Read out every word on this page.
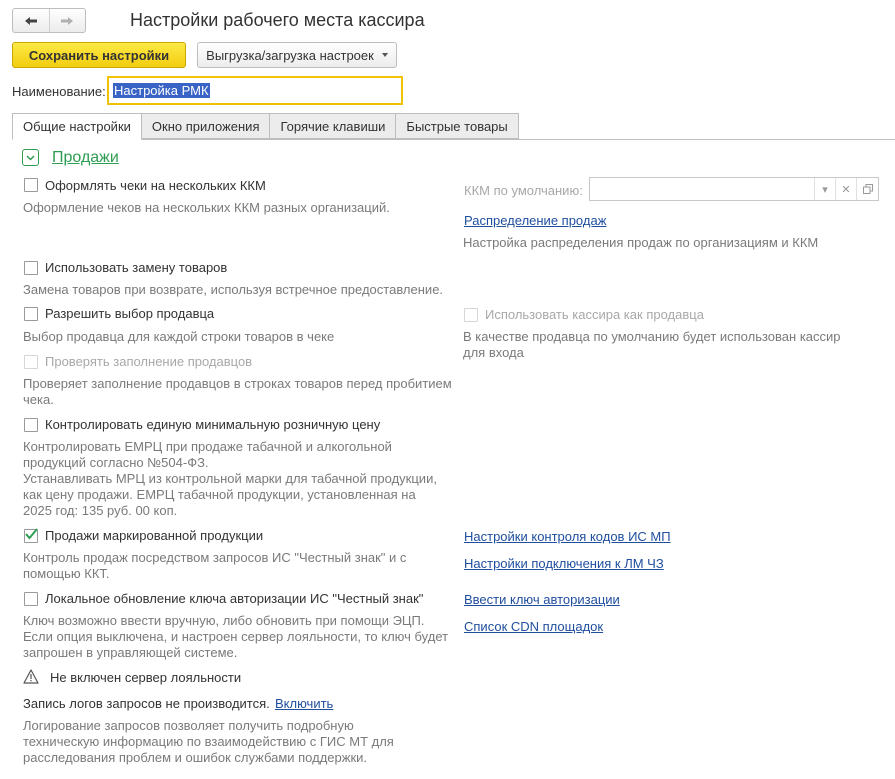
Настройки рабочего места кассира
Сохранить настройки	Выгрузка/загрузка настроек
Наименование: Настройка РМК
Общие настройки	Окно приложения	Горячие клавиши	Быстрые товары
Продажи
Оформлять чеки на нескольких ККМ
Оформление чеков на нескольких ККМ разных организаций.
Использовать замену товаров
Замена товаров при возврате, используя встречное предоставление.
Разрешить выбор продавца
Выбор продавца для каждой строки товаров в чеке
Проверять заполнение продавцов
Проверяет заполнение продавцов в строках товаров перед пробитием
чека.
Контролировать единую минимальную розничную цену
Контролировать ЕМРЦ при продаже табачной и алкогольной
продукций согласно №504-ФЗ.
Устанавливать МРЦ из контрольной марки для табачной продукции,
как цену продажи. ЕМРЦ табачной продукции, установленная на
2025 год: 135 руб. 00 коп.
Продажи маркированной продукции
Контроль продаж посредством запросов ИС "Честный знак" и с
помощью ККТ.
Локальное обновление ключа авторизации ИС "Честный знак"
Ключ возможно ввести вручную, либо обновить при помощи ЭЦП.
Если опция выключена, и настроен сервер лояльности, то ключ будет
запрошен в управляющей системе.
Не включен сервер лояльности
Запись логов запросов не производится. Включить
Логирование запросов позволяет получить подробную
техническую информацию по взаимодействию с ГИС МТ для
расследования проблем и ошибок службами поддержки.
ККМ по умолчанию:	▾	✕
Распределение продаж
Настройка распределения продаж по организациям и ККМ
Использовать кассира как продавца
В качестве продавца по умолчанию будет использован кассир
для входа
Настройки контроля кодов ИС МП
Настройки подключения к ЛМ ЧЗ
Ввести ключ авторизации
Список CDN площадок
